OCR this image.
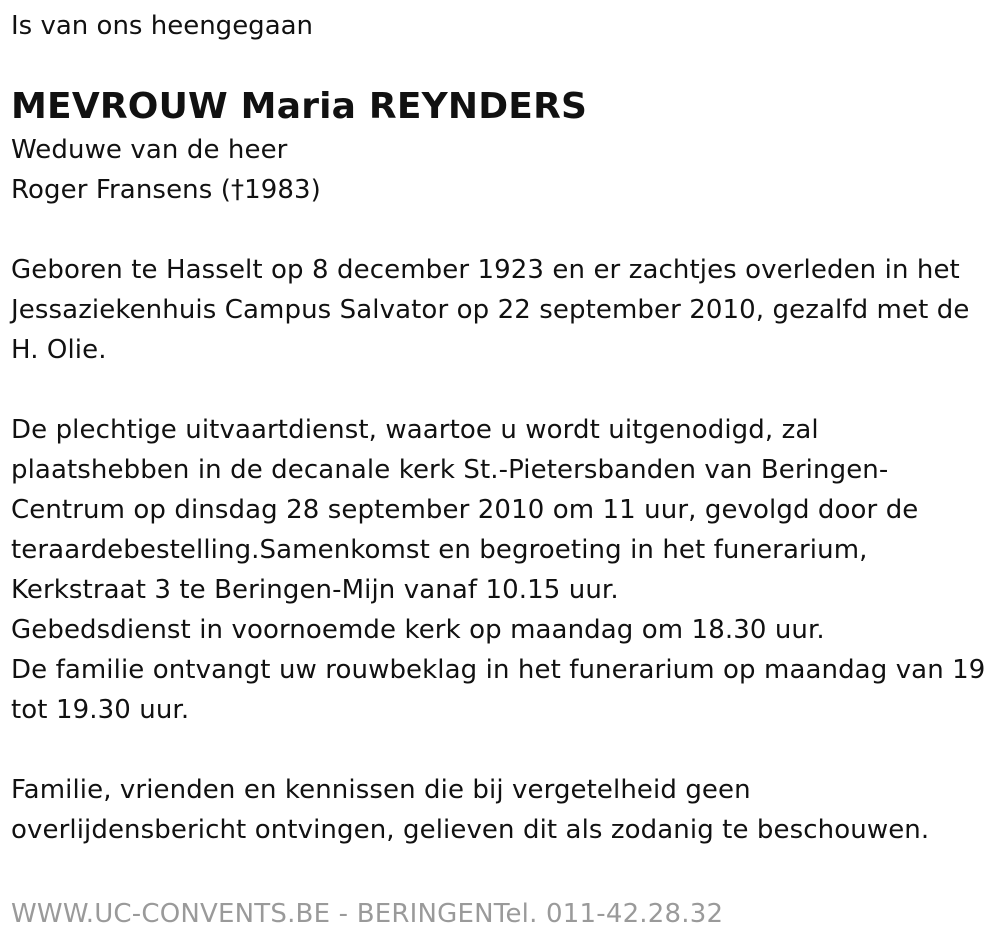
Is van ons heengegaan

MEVROUW Maria REYNDERS

Weduwe van de heer

Roger Fransens (†1983)

Geboren te Hasselt op 8 december 1923 en er zachtjes overleden in het Jessaziekenhuis Campus Salvator op 22 september 2010, gezalfd met de H. Olie.

De plechtige uitvaartdienst, waartoe u wordt uitgenodigd, zal plaatshebben in de decanale kerk St.-Pietersbanden van Beringen-Centrum op dinsdag 28 september 2010 om 11 uur, gevolgd door de teraardebestelling.Samenkomst en begroeting in het funerarium, Kerkstraat 3 te Beringen-Mijn vanaf 10.15 uur.

Gebedsdienst in voornoemde kerk op maandag om 18.30 uur.

De familie ontvangt uw rouwbeklag in het funerarium op maandag van 19 tot 19.30 uur.

Familie, vrienden en kennissen die bij vergetelheid geen overlijdensbericht ontvingen, gelieven dit als zodanig te beschouwen.

WWW.UC-CONVENTS.BE - BERINGENTel. 011-42.28.32
